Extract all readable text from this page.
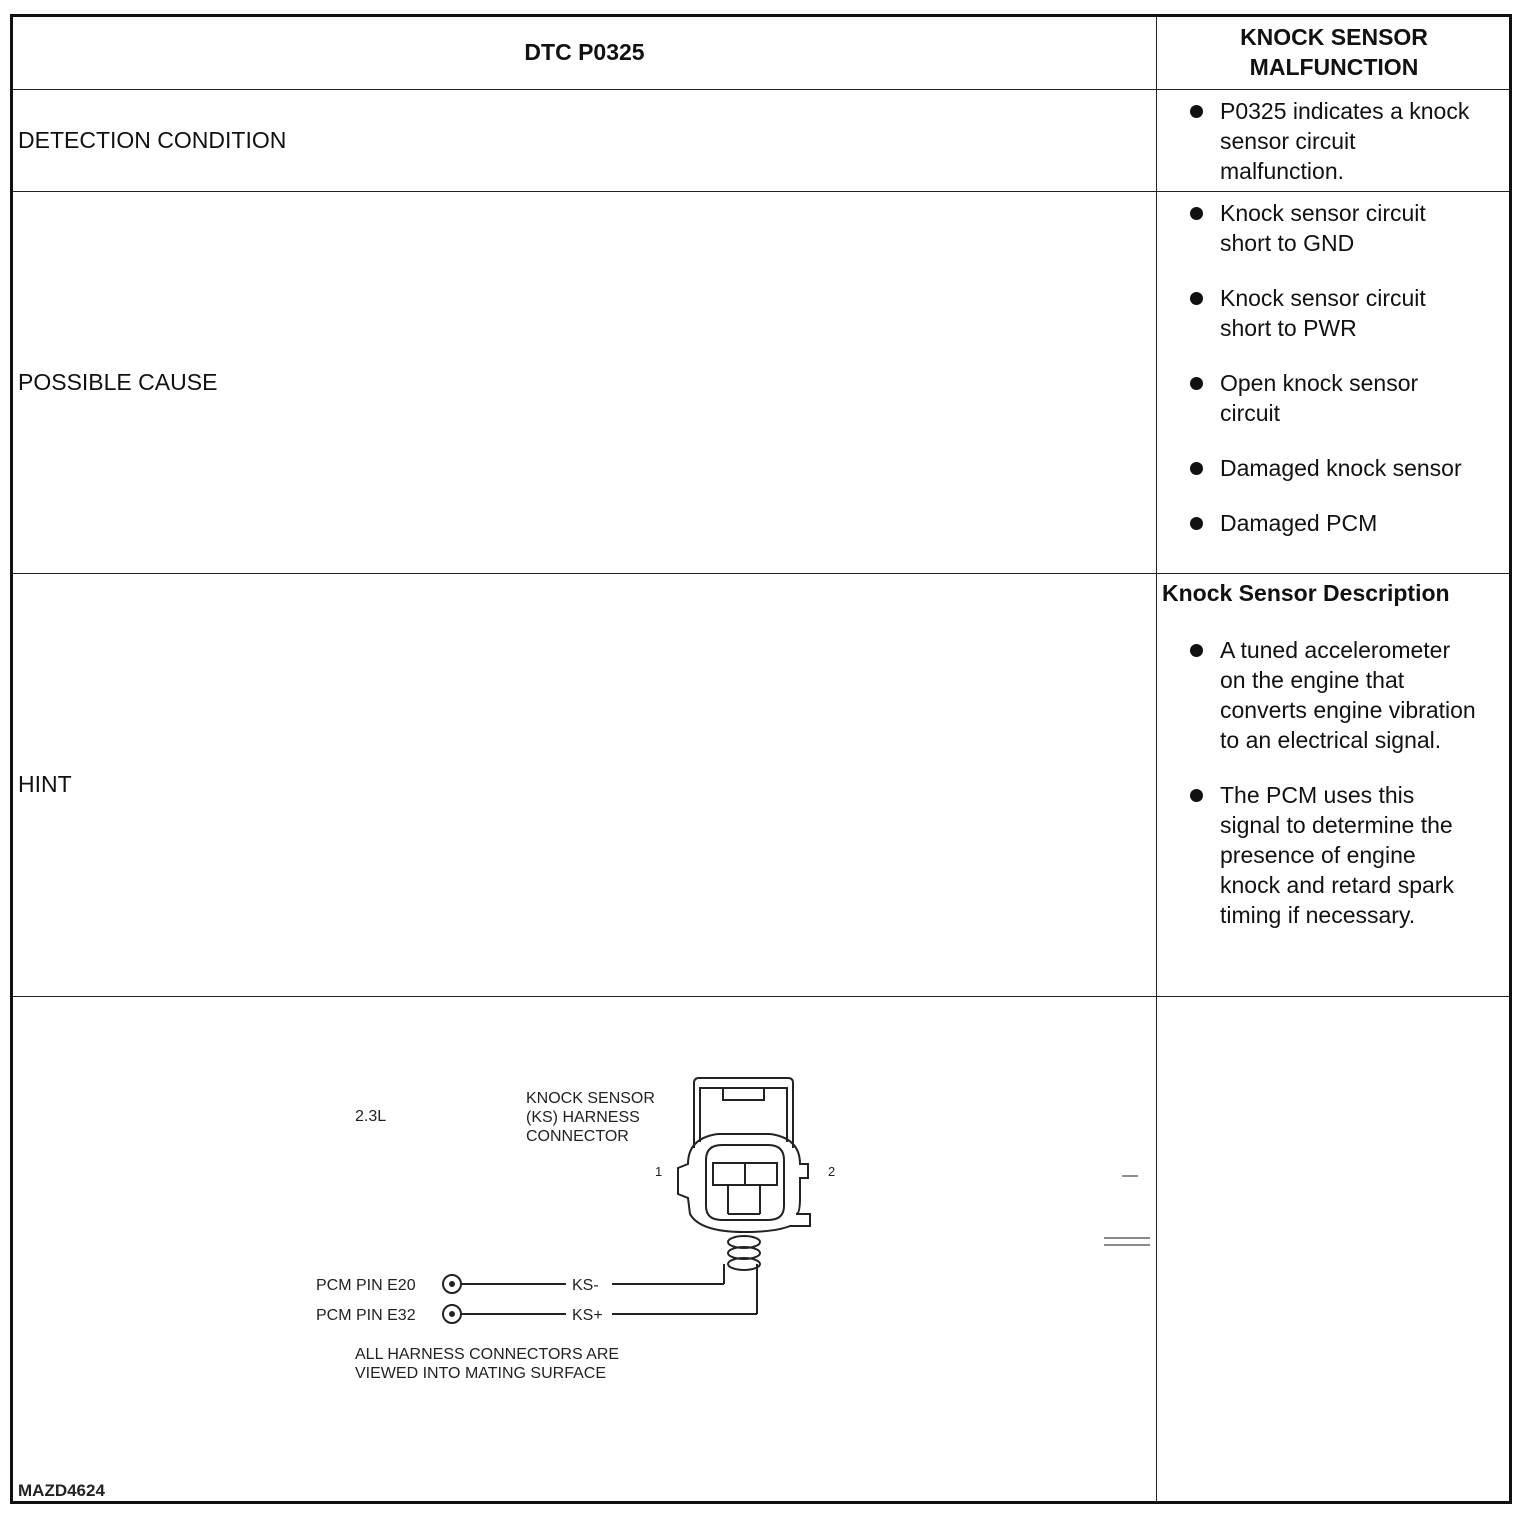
DTC P0325
KNOCK SENSOR
MALFUNCTION
DETECTION CONDITION
P0325 indicates a knock sensor circuit malfunction.
POSSIBLE CAUSE
Knock sensor circuit short to GND
Knock sensor circuit short to PWR
Open knock sensor circuit
Damaged knock sensor
Damaged PCM
HINT
Knock Sensor Description
A tuned accelerometer on the engine that converts engine vibration to an electrical signal.
The PCM uses this signal to determine the presence of engine knock and retard spark timing if necessary.
2.3L
KNOCK SENSOR
(KS) HARNESS
CONNECTOR
1	2
PCM PIN E20
PCM PIN E32
KS-
KS+
ALL HARNESS CONNECTORS ARE
VIEWED INTO MATING SURFACE
MAZD4624
